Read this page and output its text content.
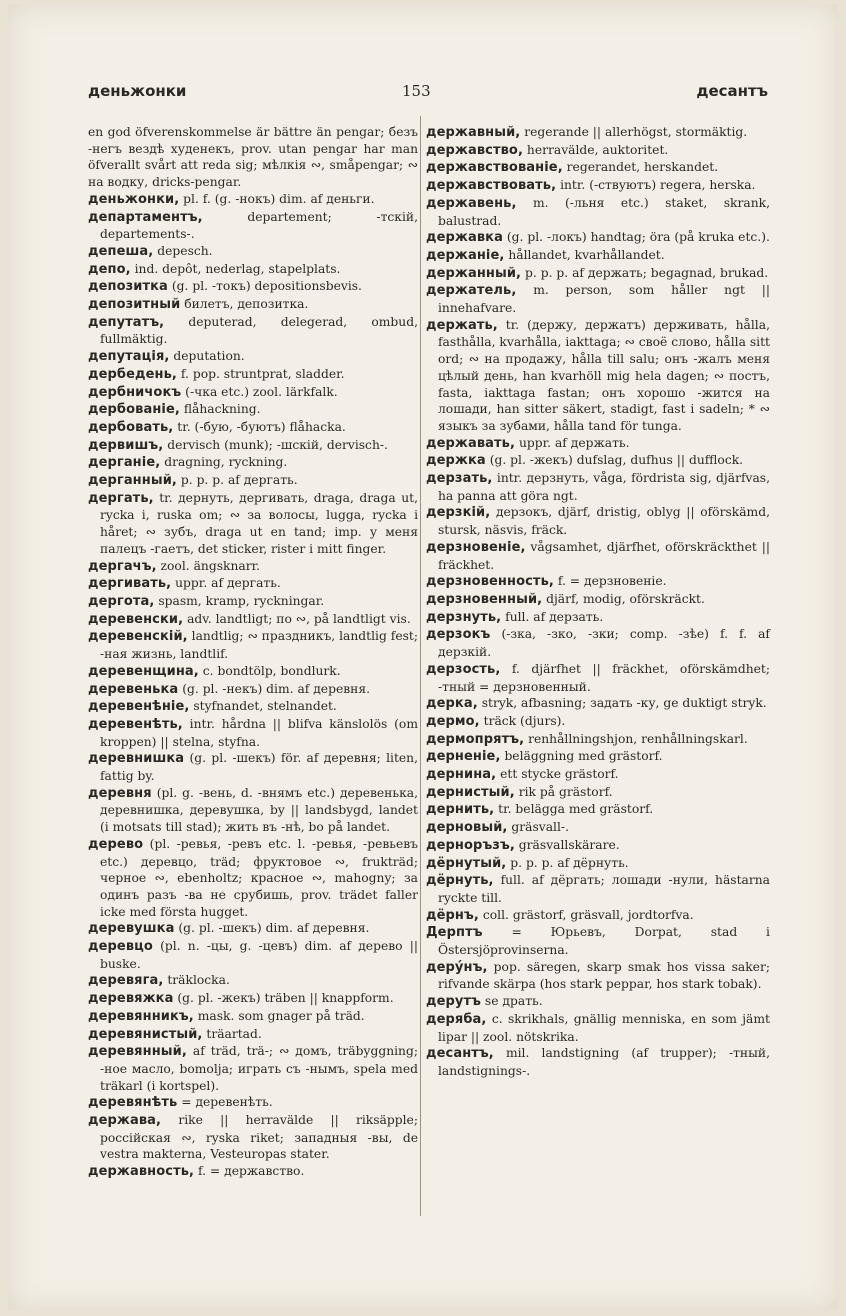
деньжонки	153	десантъ

en god öfverenskommelse är bättre än pengar; безъ -негъ вездѣ худенекъ, prov. utan pengar har man öfverallt svårt att reda sig; мѣлкія ∾, småpengar; ∾ на водку, dricks-pengar.

деньжонки, pl. f. (g. -нокъ) dim. af деньги.

департаментъ,	departement; -тскій, departements-.

депеша, depesch.

депо, ind. depôt, nederlag, stapelplats.

депозитка (g. pl. -токъ) depositionsbevis.

депозитный билетъ, депозитка.

депутатъ, deputerad, delegerad, ombud, fullmäktig.

депутація, deputation.

дербедень, f. pop. struntprat, sladder.

дербничокъ (-чка etc.) zool. lärkfalk.

дербованіе, flåhackning.

дербовать, tr. (-бую, -буютъ) flåhacka.

дервишъ, dervisch (munk); -шскій, dervisch-.

дерганіе, dragning, ryckning.

дерганный, p. p. p. af дергать.

дергать, tr. дернуть, дергивать, draga, draga ut, rycka i, ruska om; ∾ за волосы, lugga, rycka i håret; ∾ зубъ, draga ut en tand; imp. у меня палецъ -гаетъ, det sticker, rister i mitt finger.

дергачъ, zool. ängsknarr.

дергивать, uppr. af дергать.

дергота, spasm, kramp, ryckningar.

деревенски, adv. landtligt; по ∾, på landtligt vis.

деревенскій, landtlig; ∾ праздникъ, landtlig fest; -ная жизнь, landtlif.

деревенщина, c. bondtölp, bondlurk.

деревенька (g. pl. -некъ) dim. af деревня.

деревенѣніе, styfnandet, stelnandet.

деревенѣть, intr. hårdna || blifva känslolös (om kroppen) || stelna, styfna.

деревнишка (g. pl. -шекъ) för. af деревня; liten, fattig by.

деревня (pl. g. -вень, d. -внямъ etc.) деревенька, деревнишка, деревушка, by || landsbygd, landet (i motsats till stad); жить въ -нѣ, bo på landet.

дерево (pl. -ревья, -ревъ etc. l. -ревья, -ревьевъ etc.) деревцо, träd; фруктовое ∾, frukträd; черное ∾, ebenholtz; красное ∾, mahogny; за одинъ разъ -ва не срубишь, prov. trädet faller icke med första hugget.

деревушка (g. pl. -шекъ) dim. af деревня.

деревцо (pl. n. -цы, g. -цевъ) dim. af дерево || buske.

деревяга, träklocka.

деревяжка (g. pl. -жекъ) träben || knappform.

деревянникъ, mask. som gnager på träd.

деревянистый, träartad.

деревянный, af träd, trä-; ∾ домъ, träbyggning; -ное масло, bomolja; играть съ -нымъ, spela med träkarl (i kortspel).

деревянѣть = деревенѣть.

держава, rike || herravälde || riksäpple; россійская ∾, ryska riket; западныя -вы, de vestra makterna, Vesteuropas stater.

державность, f. = державство.

державный, regerande || allerhögst, stormäktig.

державство, herravälde, auktoritet.

державствованіе, regerandet, herskandet.

державствовать, intr. (-ствуютъ) regera, herska.

державень, m. (-льня etc.) staket, skrank, balustrad.

державка (g. pl. -локъ) handtag; öra (på kruka etc.).

держаніе, hållandet, kvarhållandet.

держанный, p. p. p. af держать; begagnad, brukad.

держатель, m. person, som håller ngt || innehafvare.

держать, tr. (держу, держатъ) держивать, hålla, fasthålla, kvarhålla, iakttaga; ∾ своё слово, hålla sitt ord; ∾ на продажу, hålla till salu; онъ -жалъ меня цѣлый день, han kvarhöll mig hela dagen; ∾ постъ, fasta, iakttaga fastan; онъ хорошо -жится на лошади, han sitter säkert, stadigt, fast i sadeln; * ∾ языкъ за зубами, hålla tand för tunga.

державать, uppr. af держать.

держка (g. pl. -жекъ) dufslag, dufhus || dufflock.

дерзать, intr. дерзнуть, våga, fördrista sig, djärfvas, ha panna att göra ngt.

дерзкій, дерзокъ, djärf, dristig, oblyg || oförskämd, stursk, näsvis, fräck.

дерзновеніе, vågsamhet, djärfhet, oförskräckthet || fräckhet.

дерзновенность, f. = дерзновеніе.

дерзновенный, djärf, modig, oförskräckt.

дерзнуть, full. af дерзать.

дерзокъ (-зка, -зко, -зки; comp. -зѣе) f. f. af дерзкій.

дерзость, f. djärfhet || fräckhet, oförskämdhet; -тный = дерзновенный.

дерка, stryk, afbasning; задать -ку, ge duktigt stryk.

дермо, träck (djurs).

дермопрятъ, renhållningshjon, renhållningskarl.

дерненіе, beläggning med grästorf.

дернина, ett stycke grästorf.

дернистый, rik på grästorf.

дернить, tr. belägga med grästorf.

дерновый, gräsvall-.

дерноръзъ, gräsvallskärare.

дёрнутый, p. p. p. af дёрнуть.

дёрнуть, full. af дёргать; лошади -нули, hästarna ryckte till.

дёрнъ, coll. grästorf, gräsvall, jordtorfva.

Дерптъ = Юрьевъ, Dorpat, stad i Östersjöprovinserna.

деру́нъ, pop. säregen, skarp smak hos vissa saker; rifvande skärpa (hos stark peppar, hos stark tobak).

дерутъ se драть.

деряба, c. skrikhals, gnällig menniska, en som jämt lipar || zool. nötskrika.

десантъ, mil. landstigning (af trupper); -тный, landstignings-.
